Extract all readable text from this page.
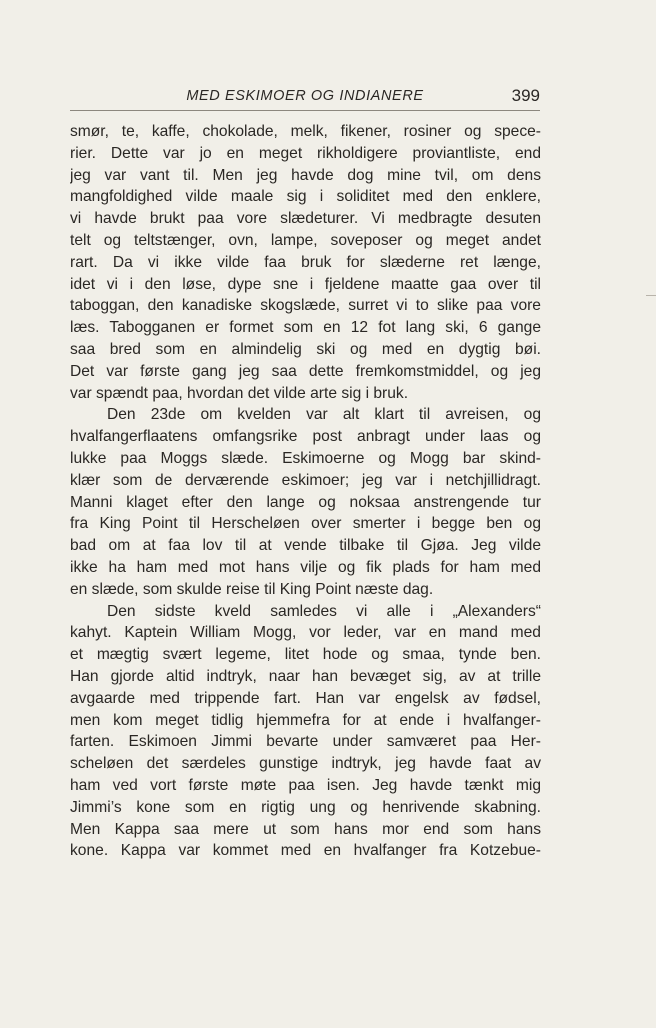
MED ESKIMOER OG INDIANERE	399
smør, te, kaffe, chokolade, melk, fikener, rosiner og spece-
rier. Dette var jo en meget rikholdigere proviantliste, end
jeg var vant til. Men jeg havde dog mine tvil, om dens
mangfoldighed vilde maale sig i soliditet med den enklere,
vi havde brukt paa vore slædeturer. Vi medbragte desuten
telt og teltstænger, ovn, lampe, soveposer og meget andet
rart. Da vi ikke vilde faa bruk for slæderne ret længe,
idet vi i den løse, dype sne i fjeldene maatte gaa over til
taboggan, den kanadiske skogslæde, surret vi to slike paa vore
læs. Tabogganen er formet som en 12 fot lang ski, 6 gange
saa bred som en almindelig ski og med en dygtig bøi.
Det var første gang jeg saa dette fremkomstmiddel, og jeg
var spændt paa, hvordan det vilde arte sig i bruk.
Den 23de om kvelden var alt klart til avreisen, og
hvalfangerflaatens omfangsrike post anbragt under laas og
lukke paa Moggs slæde. Eskimoerne og Mogg bar skind-
klær som de derværende eskimoer; jeg var i netchjillidragt.
Manni klaget efter den lange og noksaa anstrengende tur
fra King Point til Herscheløen over smerter i begge ben og
bad om at faa lov til at vende tilbake til Gjøa. Jeg vilde
ikke ha ham med mot hans vilje og fik plads for ham med
en slæde, som skulde reise til King Point næste dag.
Den sidste kveld samledes vi alle i „Alexanders“
kahyt. Kaptein William Mogg, vor leder, var en mand med
et mægtig svært legeme, litet hode og smaa, tynde ben.
Han gjorde altid indtryk, naar han bevæget sig, av at trille
avgaarde med trippende fart. Han var engelsk av fødsel,
men kom meget tidlig hjemmefra for at ende i hvalfanger-
farten. Eskimoen Jimmi bevarte under samværet paa Her-
scheløen det særdeles gunstige indtryk, jeg havde faat av
ham ved vort første møte paa isen. Jeg havde tænkt mig
Jimmi’s kone som en rigtig ung og henrivende skabning.
Men Kappa saa mere ut som hans mor end som hans
kone. Kappa var kommet med en hvalfanger fra Kotzebue-
